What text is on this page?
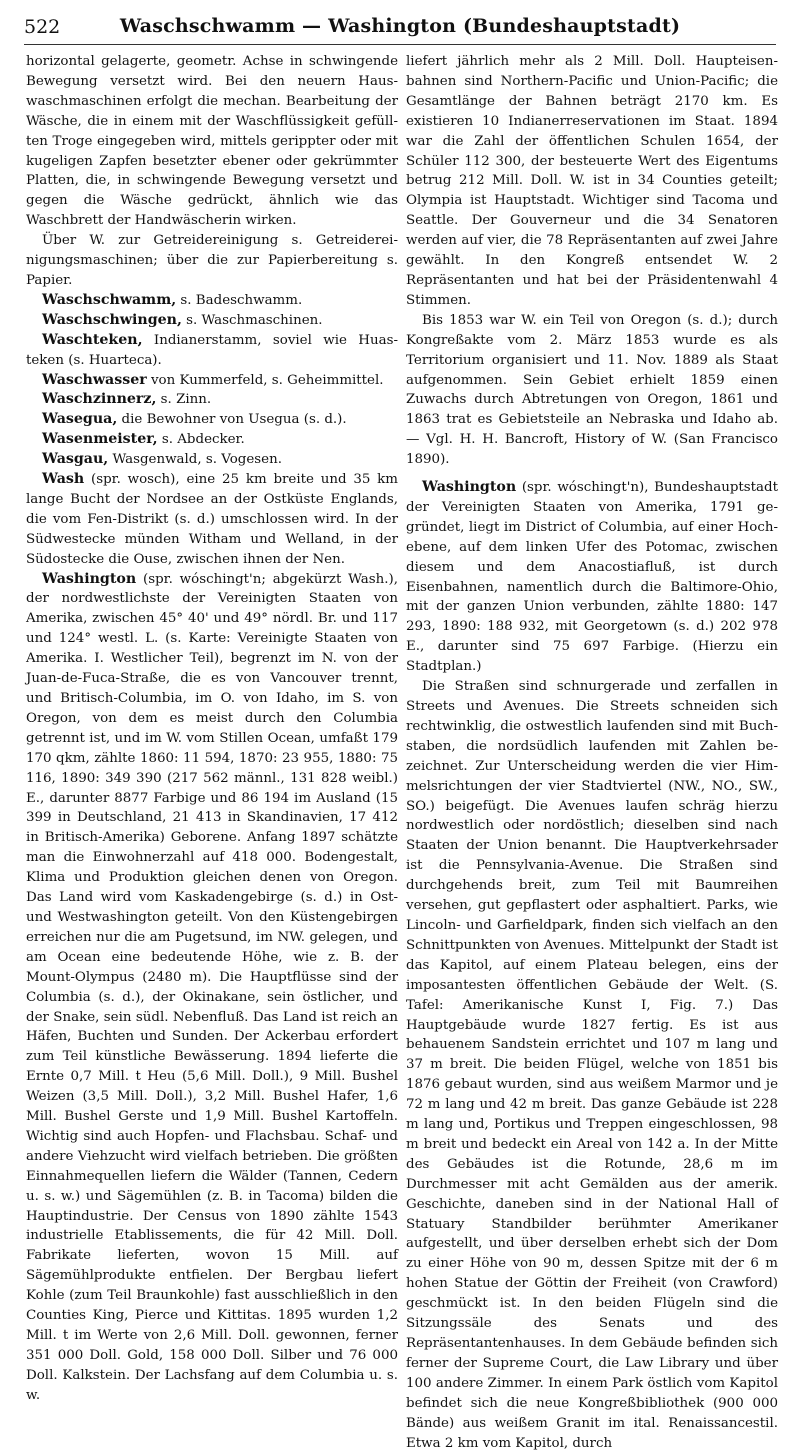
522	Waschschwamm — Washington (Bundeshauptstadt)

horizontal gelagerte, geometr. Achse in schwingende Bewegung versetzt wird. Bei den neuern Hauswaschmaschinen erfolgt die mechan. Bearbeitung der Wäsche, die in einem mit der Waschflüssigkeit gefüllten Troge eingegeben wird, mittels gerippter oder mit kugeligen Zapfen besetzter ebener oder gekrümmter Platten, die, in schwingende Bewegung versetzt und gegen die Wäsche gedrückt, ähnlich wie das Waschbrett der Handwäscherin wirken.

Über W. zur Getreidereinigung s. Getreidereinigungsmaschinen; über die zur Papierbereitung s. Papier.

Waschschwamm, s. Badeschwamm.

Waschschwingen, s. Waschmaschinen.

Waschteken, Indianerstamm, soviel wie Huasteken (s. Huarteca).

Waschwasser von Kummerfeld, s. Geheimmittel.

Waschzinnerz, s. Zinn.

Wasegua, die Bewohner von Usegua (s. d.).

Wasenmeister, s. Abdecker.

Wasgau, Wasgenwald, s. Vogesen.

Wash (spr. wosch), eine 25 km breite und 35 km lange Bucht der Nordsee an der Ostküste Englands, die vom Fen-Distrikt (s. d.) umschlossen wird. In der Südwestecke münden Witham und Welland, in der Südostecke die Ouse, zwischen ihnen der Nen.

Washington (spr. wóschingt'n; abgekürzt Wash.), der nordwestlichste der Vereinigten Staaten von Amerika, zwischen 45° 40' und 49° nördl. Br. und 117 und 124° westl. L. (s. Karte: Vereinigte Staaten von Amerika. I. Westlicher Teil), begrenzt im N. von der Juan-de-Fuca-Straße, die es von Vancouver trennt, und Britisch-Columbia, im O. von Idaho, im S. von Oregon, von dem es meist durch den Columbia getrennt ist, und im W. vom Stillen Ocean, umfaßt 179 170 qkm, zählte 1860: 11 594, 1870: 23 955, 1880: 75 116, 1890: 349 390 (217 562 männl., 131 828 weibl.) E., darunter 8877 Farbige und 86 194 im Ausland (15 399 in Deutschland, 21 413 in Skandinavien, 17 412 in Britisch-Amerika) Geborene. Anfang 1897 schätzte man die Einwohnerzahl auf 418 000. Bodengestalt, Klima und Produktion gleichen denen von Oregon. Das Land wird vom Kaskadengebirge (s. d.) in Ost- und Westwashington geteilt. Von den Küstengebirgen erreichen nur die am Pugetsund, im NW. gelegen, und am Ocean eine bedeutende Höhe, wie z. B. der Mount-Olympus (2480 m). Die Hauptflüsse sind der Columbia (s. d.), der Okinakane, sein östlicher, und der Snake, sein südl. Nebenfluß. Das Land ist reich an Häfen, Buchten und Sunden. Der Ackerbau erfordert zum Teil künstliche Bewässerung. 1894 lieferte die Ernte 0,7 Mill. t Heu (5,6 Mill. Doll.), 9 Mill. Bushel Weizen (3,5 Mill. Doll.), 3,2 Mill. Bushel Hafer, 1,6 Mill. Bushel Gerste und 1,9 Mill. Bushel Kartoffeln. Wichtig sind auch Hopfen- und Flachsbau. Schaf- und andere Viehzucht wird vielfach betrieben. Die größten Einnahmequellen liefern die Wälder (Tannen, Cedern u. s. w.) und Sägemühlen (z. B. in Tacoma) bilden die Hauptindustrie. Der Census von 1890 zählte 1543 industrielle Etablissements, die für 42 Mill. Doll. Fabrikate lieferten, wovon 15 Mill. auf Sägemühlprodukte entfielen. Der Bergbau liefert Kohle (zum Teil Braunkohle) fast ausschließlich in den Counties King, Pierce und Kittitas. 1895 wurden 1,2 Mill. t im Werte von 2,6 Mill. Doll. gewonnen, ferner 351 000 Doll. Gold, 158 000 Doll. Silber und 76 000 Doll. Kalkstein. Der Lachsfang auf dem Columbia u. s. w.

liefert jährlich mehr als 2 Mill. Doll. Haupteisenbahnen sind Northern-Pacific und Union-Pacific; die Gesamtlänge der Bahnen beträgt 2170 km. Es existieren 10 Indianerreservationen im Staat. 1894 war die Zahl der öffentlichen Schulen 1654, der Schüler 112 300, der besteuerte Wert des Eigentums betrug 212 Mill. Doll. W. ist in 34 Counties geteilt; Olympia ist Hauptstadt. Wichtiger sind Tacoma und Seattle. Der Gouverneur und die 34 Senatoren werden auf vier, die 78 Repräsentanten auf zwei Jahre gewählt. In den Kongreß entsendet W. 2 Repräsentanten und hat bei der Präsidentenwahl 4 Stimmen.

Bis 1853 war W. ein Teil von Oregon (s. d.); durch Kongreßakte vom 2. März 1853 wurde es als Territorium organisiert und 11. Nov. 1889 als Staat aufgenommen. Sein Gebiet erhielt 1859 einen Zuwachs durch Abtretungen von Oregon, 1861 und 1863 trat es Gebietsteile an Nebraska und Idaho ab. — Vgl. H. H. Bancroft, History of W. (San Francisco 1890).

Washington (spr. wóschingt'n), Bundeshauptstadt der Vereinigten Staaten von Amerika, 1791 gegründet, liegt im District of Columbia, auf einer Hochebene, auf dem linken Ufer des Potomac, zwischen diesem und dem Anacostiafluß, ist durch Eisenbahnen, namentlich durch die Baltimore-Ohio, mit der ganzen Union verbunden, zählte 1880: 147 293, 1890: 188 932, mit Georgetown (s. d.) 202 978 E., darunter sind 75 697 Farbige. (Hierzu ein Stadtplan.)

Die Straßen sind schnurgerade und zerfallen in Streets und Avenues. Die Streets schneiden sich rechtwinklig, die ostwestlich laufenden sind mit Buchstaben, die nordsüdlich laufenden mit Zahlen bezeichnet. Zur Unterscheidung werden die vier Himmelsrichtungen der vier Stadtviertel (NW., NO., SW., SO.) beigefügt. Die Avenues laufen schräg hierzu nordwestlich oder nordöstlich; dieselben sind nach Staaten der Union benannt. Die Hauptverkehrsader ist die Pennsylvania-Avenue. Die Straßen sind durchgehends breit, zum Teil mit Baumreihen versehen, gut gepflastert oder asphaltiert. Parks, wie Lincoln- und Garfieldpark, finden sich vielfach an den Schnittpunkten von Avenues. Mittelpunkt der Stadt ist das Kapitol, auf einem Plateau belegen, eins der imposantesten öffentlichen Gebäude der Welt. (S. Tafel: Amerikanische Kunst I, Fig. 7.) Das Hauptgebäude wurde 1827 fertig. Es ist aus behauenem Sandstein errichtet und 107 m lang und 37 m breit. Die beiden Flügel, welche von 1851 bis 1876 gebaut wurden, sind aus weißem Marmor und je 72 m lang und 42 m breit. Das ganze Gebäude ist 228 m lang und, Portikus und Treppen eingeschlossen, 98 m breit und bedeckt ein Areal von 142 a. In der Mitte des Gebäudes ist die Rotunde, 28,6 m im Durchmesser mit acht Gemälden aus der amerik. Geschichte, daneben sind in der National Hall of Statuary Standbilder berühmter Amerikaner aufgestellt, und über derselben erhebt sich der Dom zu einer Höhe von 90 m, dessen Spitze mit der 6 m hohen Statue der Göttin der Freiheit (von Crawford) geschmückt ist. In den beiden Flügeln sind die Sitzungssäle des Senats und des Repräsentantenhauses. In dem Gebäude befinden sich ferner der Supreme Court, die Law Library und über 100 andere Zimmer. In einem Park östlich vom Kapitol befindet sich die neue Kongreßbibliothek (900 000 Bände) aus weißem Granit im ital. Renaissancestil. Etwa 2 km vom Kapitol, durch
